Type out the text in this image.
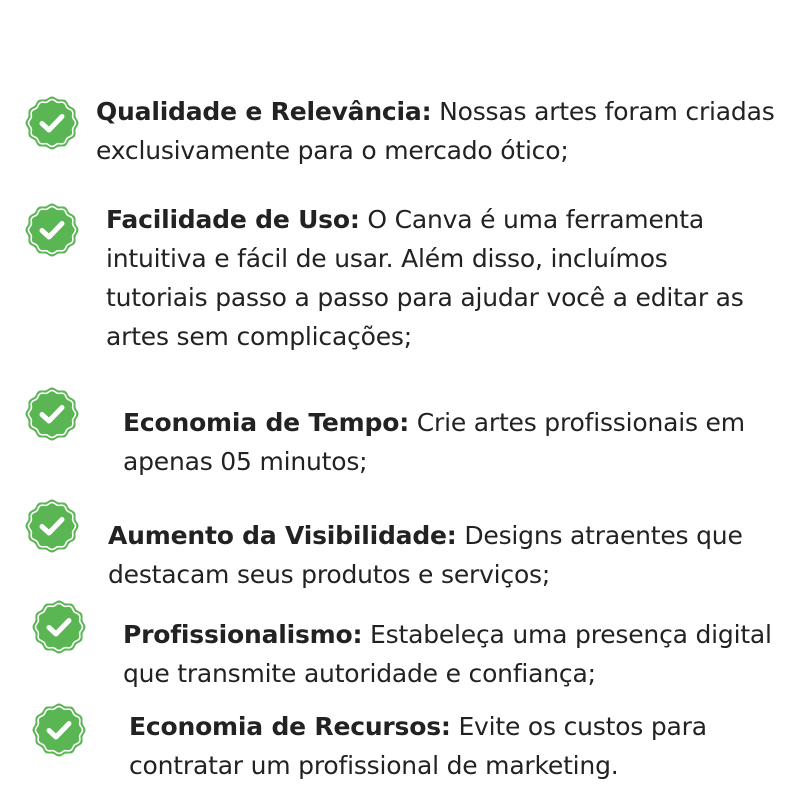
Qualidade e Relevância: Nossas artes foram criadas exclusivamente para o mercado ótico;
Facilidade de Uso: O Canva é uma ferramenta intuitiva e fácil de usar. Além disso, incluímos tutoriais passo a passo para ajudar você a editar as artes sem complicações;
Economia de Tempo: Crie artes profissionais em apenas 05 minutos;
Aumento da Visibilidade: Designs atraentes que destacam seus produtos e serviços;
Profissionalismo: Estabeleça uma presença digital que transmite autoridade e confiança;
Economia de Recursos: Evite os custos para contratar um profissional de marketing.
